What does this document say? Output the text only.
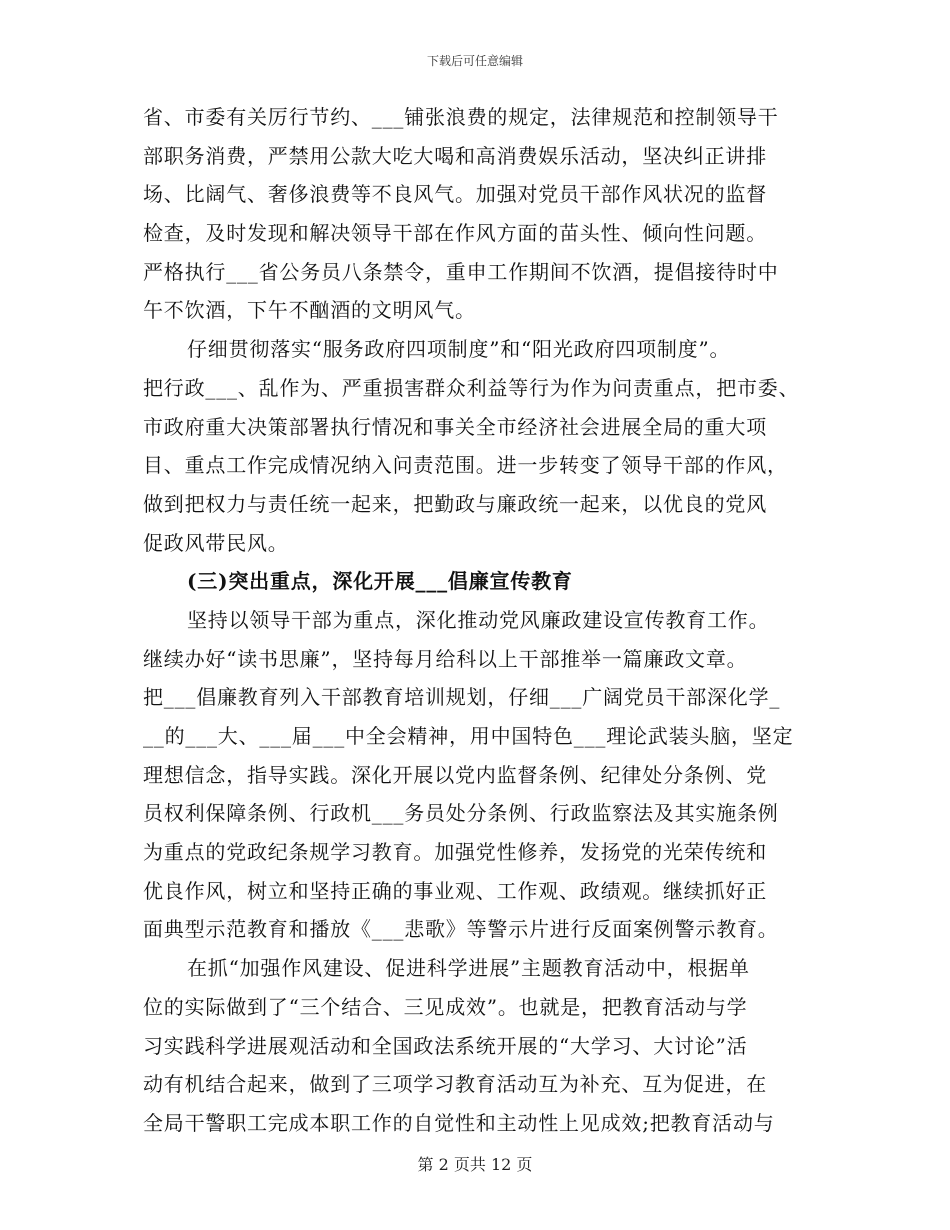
下载后可任意编辑
省、市委有关厉行节约、___铺张浪费的规定，法律规范和控制领导干
部职务消费，严禁用公款大吃大喝和高消费娱乐活动，坚决纠正讲排
场、比阔气、奢侈浪费等不良风气。加强对党员干部作风状况的监督
检查，及时发现和解决领导干部在作风方面的苗头性、倾向性问题。
严格执行___省公务员八条禁令，重申工作期间不饮酒，提倡接待时中
午不饮酒，下午不酗酒的文明风气。
仔细贯彻落实“服务政府四项制度”和“阳光政府四项制度”。
把行政___、乱作为、严重损害群众利益等行为作为问责重点，把市委、
市政府重大决策部署执行情况和事关全市经济社会进展全局的重大项
目、重点工作完成情况纳入问责范围。进一步转变了领导干部的作风，
做到把权力与责任统一起来，把勤政与廉政统一起来，以优良的党风
促政风带民风。
(三)突出重点，深化开展___倡廉宣传教育
坚持以领导干部为重点，深化推动党风廉政建设宣传教育工作。
继续办好“读书思廉”，坚持每月给科以上干部推举一篇廉政文章。
把___倡廉教育列入干部教育培训规划，仔细___广阔党员干部深化学_
__的___大、___届___中全会精神，用中国特色___理论武装头脑，坚定
理想信念，指导实践。深化开展以党内监督条例、纪律处分条例、党
员权利保障条例、行政机___务员处分条例、行政监察法及其实施条例
为重点的党政纪条规学习教育。加强党性修养，发扬党的光荣传统和
优良作风，树立和坚持正确的事业观、工作观、政绩观。继续抓好正
面典型示范教育和播放《___悲歌》等警示片进行反面案例警示教育。
在抓“加强作风建设、促进科学进展”主题教育活动中，根据单
位的实际做到了“三个结合、三见成效”。也就是，把教育活动与学
习实践科学进展观活动和全国政法系统开展的“大学习、大讨论”活
动有机结合起来，做到了三项学习教育活动互为补充、互为促进，在
全局干警职工完成本职工作的自觉性和主动性上见成效;把教育活动与
第 2 页共 12 页
